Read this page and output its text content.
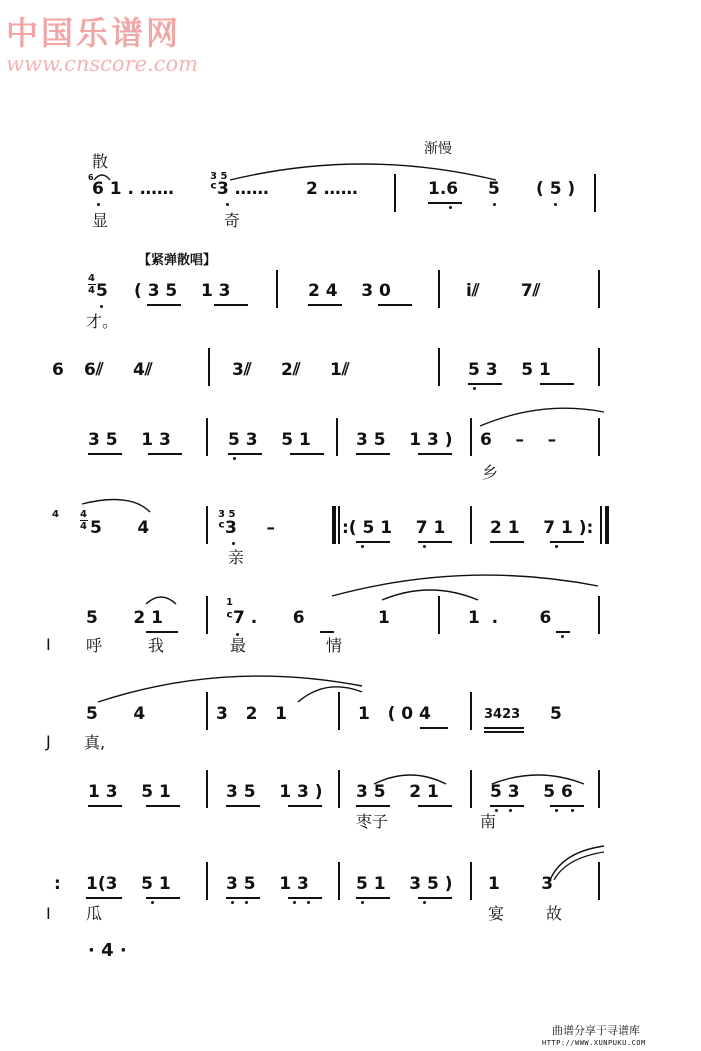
中国乐谱网
www.cnscore.com
散
渐慢
6
6 1 . ……
3 5
ᶜ3 …… 2 ……	1.6 5 ( 5 )
显	奇
【紧弹散唱】
4
4 5 ( 3 5    1 3	2 4    3 0	i⫽       7⫽
才。
6 6⫽     4⫽	3⫽     2⫽     1⫽	5 3    5 1
3 5    1 3	5 3    5 1	3 5    1 3 ) 6    –    –
乡
4 4
4 5      4
3 5
ᶜ3     –	:( 5 1    7 1	2 1    7 1 ):
亲
I
5      2 1
1
ᶜ7 .      6	1	1  .       6
呼	我	最	情
J
5      4	3   2   1	1   ( 0 4	3423 5
真,
1 3    5 1	3 5    1 3 ) 3 5    2 1	5 3    5 6
枣子	南
: 1(3    5 1	3 5    1 3	5 1    3 5 ) 1       3
I 瓜	宴	故
· 4 ·
曲谱分享于寻谱库
HTTP://WWW.XUNPUKU.COM
